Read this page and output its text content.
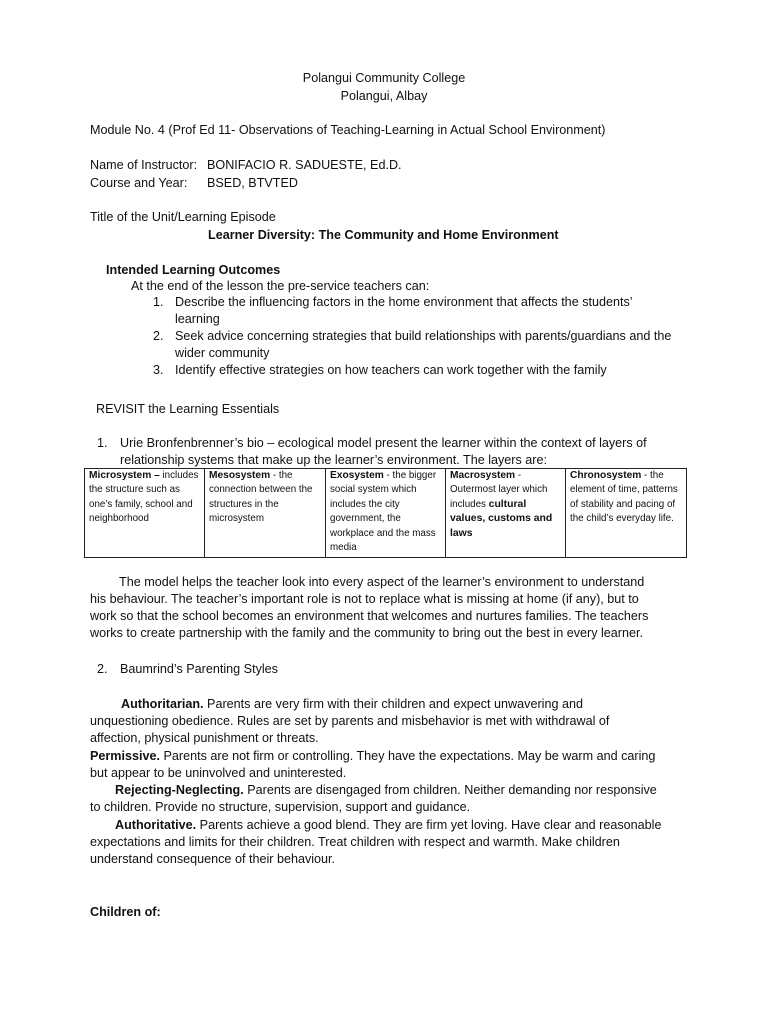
Polangui Community College
Polangui, Albay
Module No. 4 (Prof Ed 11- Observations of Teaching-Learning in Actual School Environment)
Name of Instructor: BONIFACIO R. SADUESTE, Ed.D.
Course and Year: BSED, BTVTED
Title of the Unit/Learning Episode
Learner Diversity: The Community and Home Environment
Intended Learning Outcomes
At the end of the lesson the pre-service teachers can:
1. Describe the influencing factors in the home environment that affects the students’
learning
2. Seek advice concerning strategies that build relationships with parents/guardians and the
wider community
3. Identify effective strategies on how teachers can work together with the family
REVISIT the Learning Essentials
1. Urie Bronfenbrenner’s bio – ecological model present the learner within the context of layers of
relationship systems that make up the learner’s environment. The layers are:
Microsystem – includes the structure such as one’s family, school and neighborhood	Mesosystem - the connection between the structures in the microsystem	Exosystem - the bigger social system which includes the city government, the workplace and the mass media	Macrosystem - Outermost layer which includes cultural values, customs and laws	Chronosystem - the element of time, patterns of stability and pacing of the child’s everyday life.
The model helps the teacher look into every aspect of the learner’s environment to understand
his behaviour. The teacher’s important role is not to replace what is missing at home (if any), but to
work so that the school becomes an environment that welcomes and nurtures families. The teachers
works to create partnership with the family and the community to bring out the best in every learner.
2. Baumrind’s Parenting Styles
Authoritarian. Parents are very firm with their children and expect unwavering and
unquestioning obedience. Rules are set by parents and misbehavior is met with withdrawal of
affection, physical punishment or threats.
Permissive. Parents are not firm or controlling. They have the expectations. May be warm and caring
but appear to be uninvolved and uninterested.
Rejecting-Neglecting. Parents are disengaged from children. Neither demanding nor responsive
to children. Provide no structure, supervision, support and guidance.
Authoritative. Parents achieve a good blend. They are firm yet loving. Have clear and reasonable
expectations and limits for their children. Treat children with respect and warmth. Make children
understand consequence of their behaviour.
Children of:
